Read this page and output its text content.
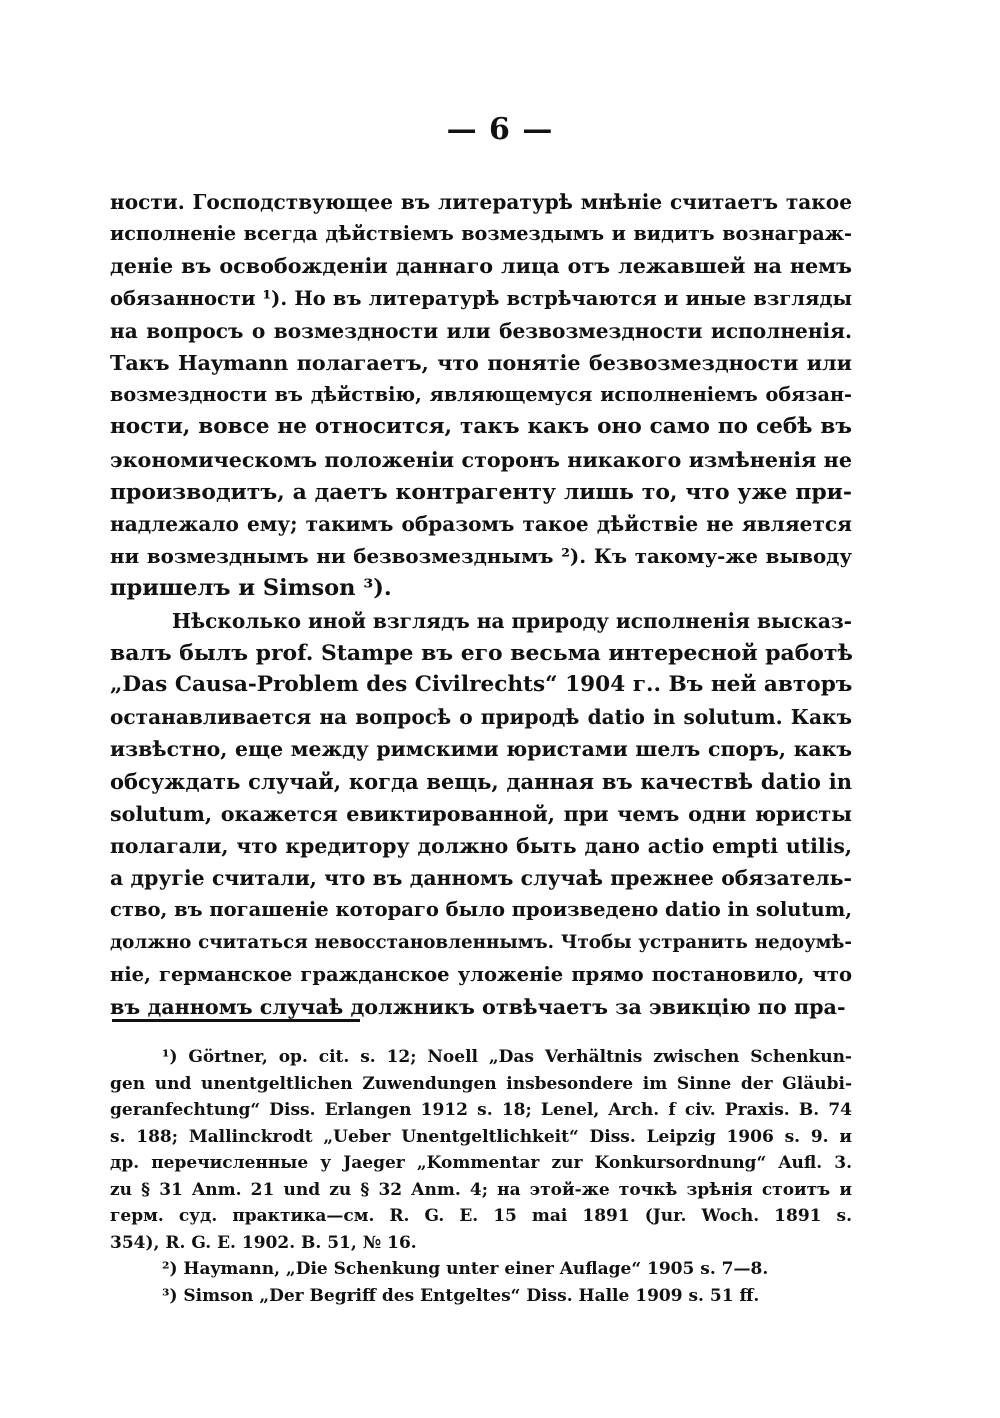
— 6 —
ности. Господствующее въ литературѣ мнѣніе считаетъ такое
исполненіе всегда дѣйствіемъ возмездымъ и видитъ вознаграж-
деніе въ освобожденіи даннаго лица отъ лежавшей на немъ
обязанности ¹). Но въ литературѣ встрѣчаются и иные взгляды
на вопросъ о возмездности или безвозмездности исполненія.
Такъ Haymann полагаетъ, что понятіе безвозмездности или
возмездности въ дѣйствію, являющемуся исполненіемъ обязан-
ности, вовсе не относится, такъ какъ оно само по себѣ въ
экономическомъ положеніи сторонъ никакого измѣненія не
производитъ, а даетъ контрагенту лишь то, что уже при-
надлежало ему; такимъ образомъ такое дѣйствіе не является
ни возмезднымъ ни безвозмезднымъ ²). Къ такому-же выводу
пришелъ и Simson ³).
Нѣсколько иной взглядъ на природу исполненія высказ-
валъ былъ prof. Stampe въ его весьма интересной работѣ
„Das Causa-Problem des Civilrechts“ 1904 г.. Въ ней авторъ
останавливается на вопросѣ о природѣ datio in solutum. Какъ
извѣстно, еще между римскими юристами шелъ споръ, какъ
обсуждать случай, когда вещь, данная въ качествѣ datio in
solutum, окажется евиктированной, при чемъ одни юристы
полагали, что кредитору должно быть дано actio empti utilis,
а другіе считали, что въ данномъ случаѣ прежнее обязатель-
ство, въ погашеніе котораго было произведено datio in solutum,
должно считаться невосстановленнымъ. Чтобы устранить недоумѣ-
ніе, германское гражданское уложеніе прямо постановило, что
въ данномъ случаѣ должникъ отвѣчаетъ за эвикцію по пра-
¹) Görtner, op. cit. s. 12; Noell „Das Verhältnis zwischen Schenkun-
gen und unentgeltlichen Zuwendungen insbesondere im Sinne der Gläubi-
geranfechtung“ Diss. Erlangen 1912 s. 18; Lenel, Arch. f civ. Praxis. B. 74
s. 188; Mallinckrodt „Ueber Unentgeltlichkeit“ Diss. Leipzig 1906 s. 9. и
др. перечисленные у Jaeger „Kommentar zur Konkursordnung“ Aufl. 3.
zu § 31 Anm. 21 und zu § 32 Anm. 4; на этой-же точкѣ зрѣнія стоитъ и
герм. суд. практика—см. R. G. E. 15 mai 1891 (Jur. Woch. 1891 s.
354), R. G. E. 1902. B. 51, № 16.
²) Haymann, „Die Schenkung unter einer Auflage“ 1905 s. 7—8.
³) Simson „Der Begriff des Entgeltes“ Diss. Halle 1909 s. 51 ff.
